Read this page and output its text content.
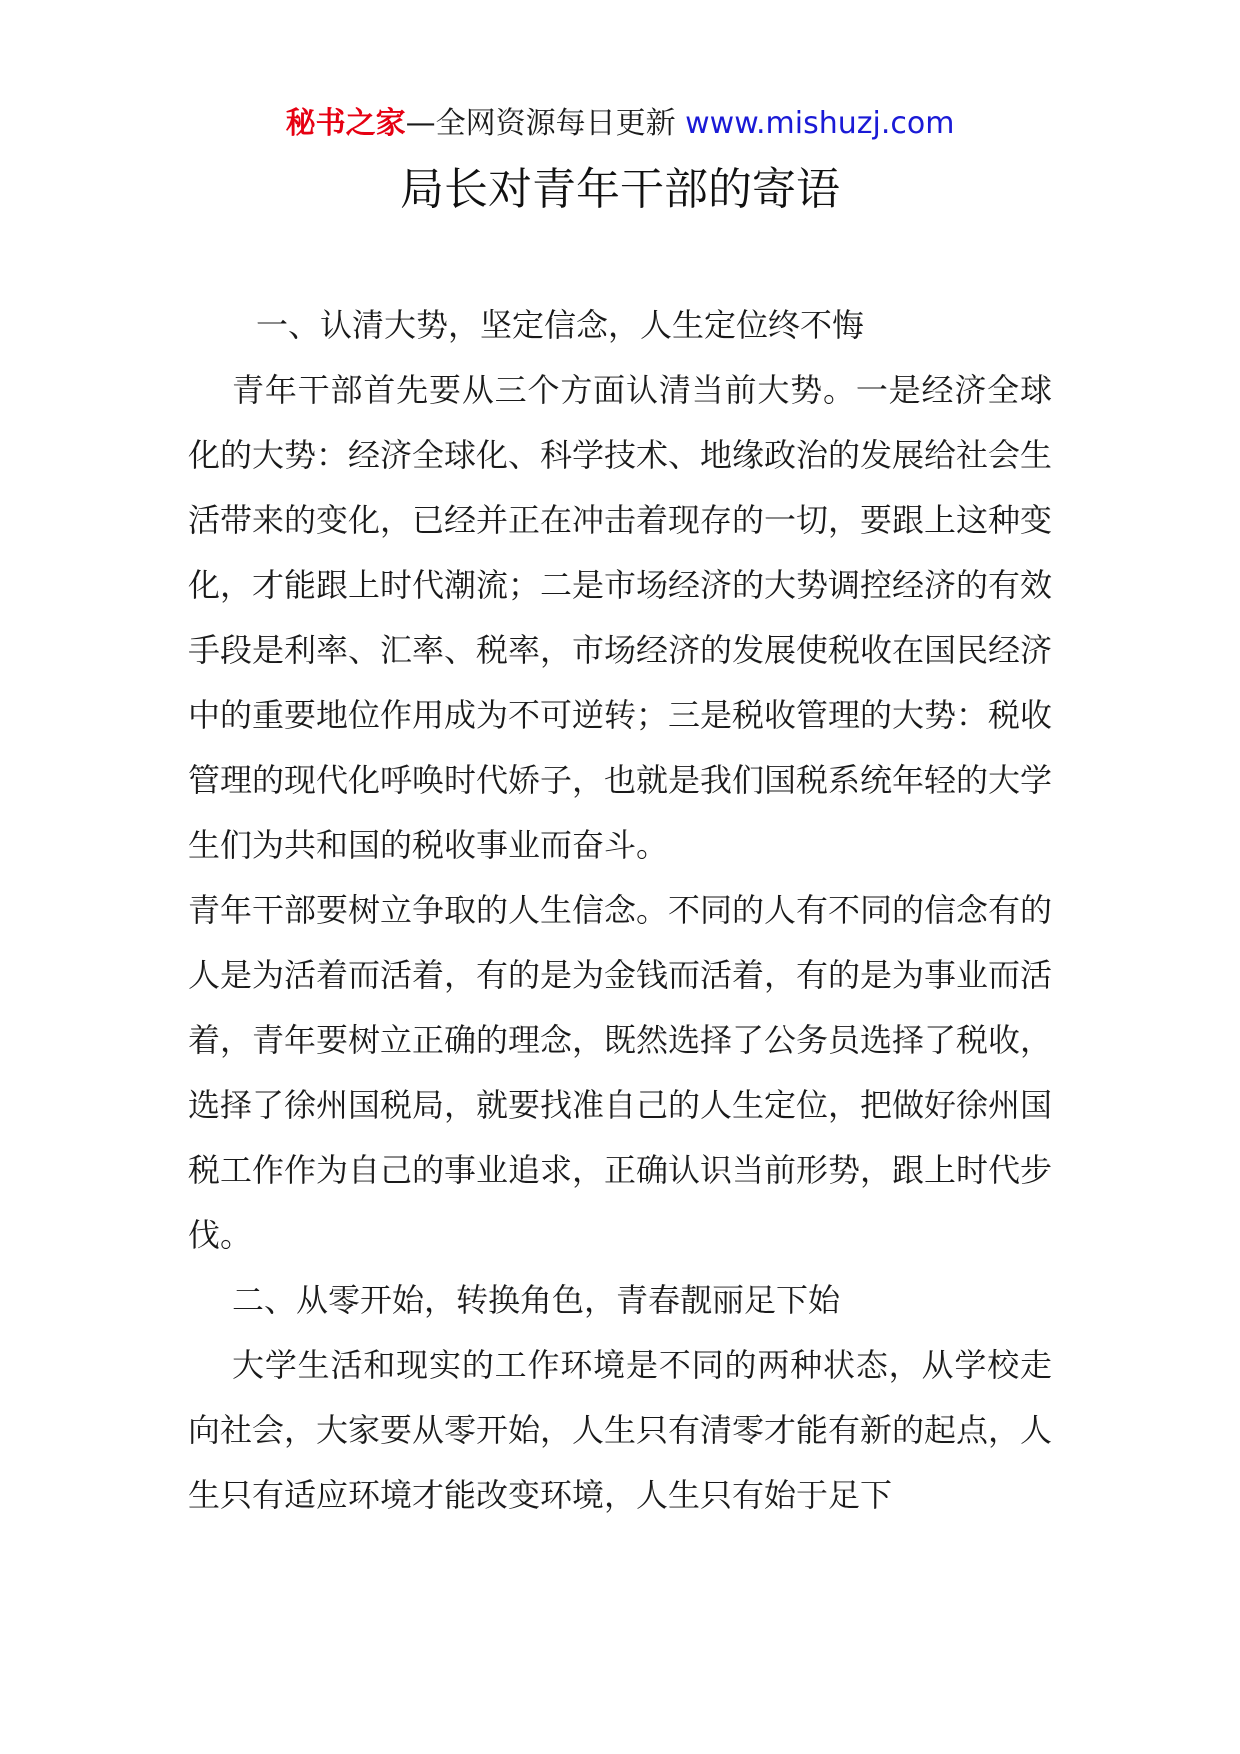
秘书之家—全网资源每日更新 www.mishuzj.com
局长对青年干部的寄语

一、认清大势，坚定信念，人生定位终不悔

青年干部首先要从三个方面认清当前大势。一是经济全球化的大势：经济全球化、科学技术、地缘政治的发展给社会生活带来的变化，已经并正在冲击着现存的一切，要跟上这种变化，才能跟上时代潮流；二是市场经济的大势调控经济的有效手段是利率、汇率、税率，市场经济的发展使税收在国民经济中的重要地位作用成为不可逆转；三是税收管理的大势：税收管理的现代化呼唤时代娇子，也就是我们国税系统年轻的大学生们为共和国的税收事业而奋斗。

青年干部要树立争取的人生信念。不同的人有不同的信念有的人是为活着而活着，有的是为金钱而活着，有的是为事业而活着，青年要树立正确的理念，既然选择了公务员选择了税收，选择了徐州国税局，就要找准自己的人生定位，把做好徐州国税工作作为自己的事业追求，正确认识当前形势，跟上时代步伐。

二、从零开始，转换角色，青春靓丽足下始

大学生活和现实的工作环境是不同的两种状态，从学校走向社会，大家要从零开始，人生只有清零才能有新的起点，人生只有适应环境才能改变环境，人生只有始于足下
